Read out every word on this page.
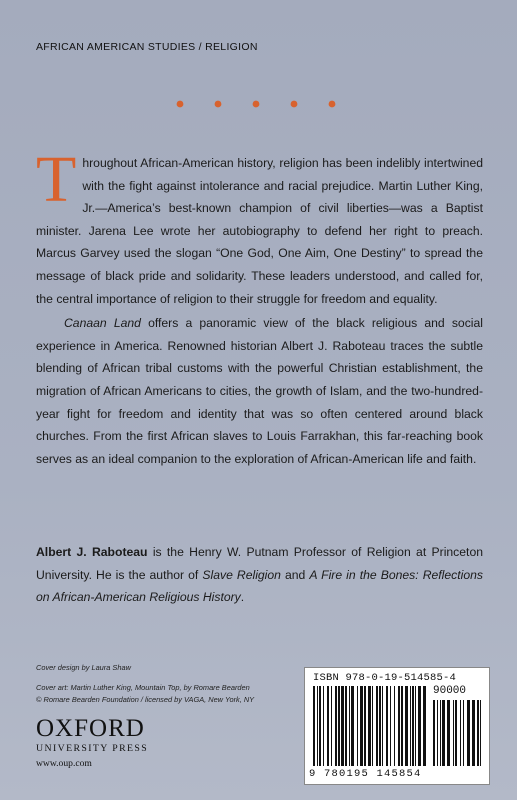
AFRICAN AMERICAN STUDIES / RELIGION

Throughout African-American history, religion has been indelibly intertwined with the fight against intolerance and racial prejudice. Martin Luther King, Jr.—America’s best-known champion of civil liberties—was a Baptist minister. Jarena Lee wrote her autobiography to defend her right to preach. Marcus Garvey used the slogan “One God, One Aim, One Destiny” to spread the message of black pride and solidarity. These leaders understood, and called for, the central importance of religion to their struggle for freedom and equality.

Canaan Land offers a panoramic view of the black religious and social experience in America. Renowned historian Albert J. Raboteau traces the subtle blending of African tribal customs with the powerful Christian establishment, the migration of African Americans to cities, the growth of Islam, and the two-hundred-year fight for freedom and identity that was so often centered around black churches. From the first African slaves to Louis Farrakhan, this far-reaching book serves as an ideal companion to the exploration of African-American life and faith.

Albert J. Raboteau is the Henry W. Putnam Professor of Religion at Princeton University. He is the author of Slave Religion and A Fire in the Bones: Reflections on African-American Religious History.
Cover design by Laura Shaw
Cover art: Martin Luther King, Mountain Top, by Romare Bearden
© Romare Bearden Foundation / licensed by VAGA, New York, NY
OXFORD
UNIVERSITY PRESS
www.oup.com
ISBN 978-0-19-514585-4
90000
9 780195 145854
